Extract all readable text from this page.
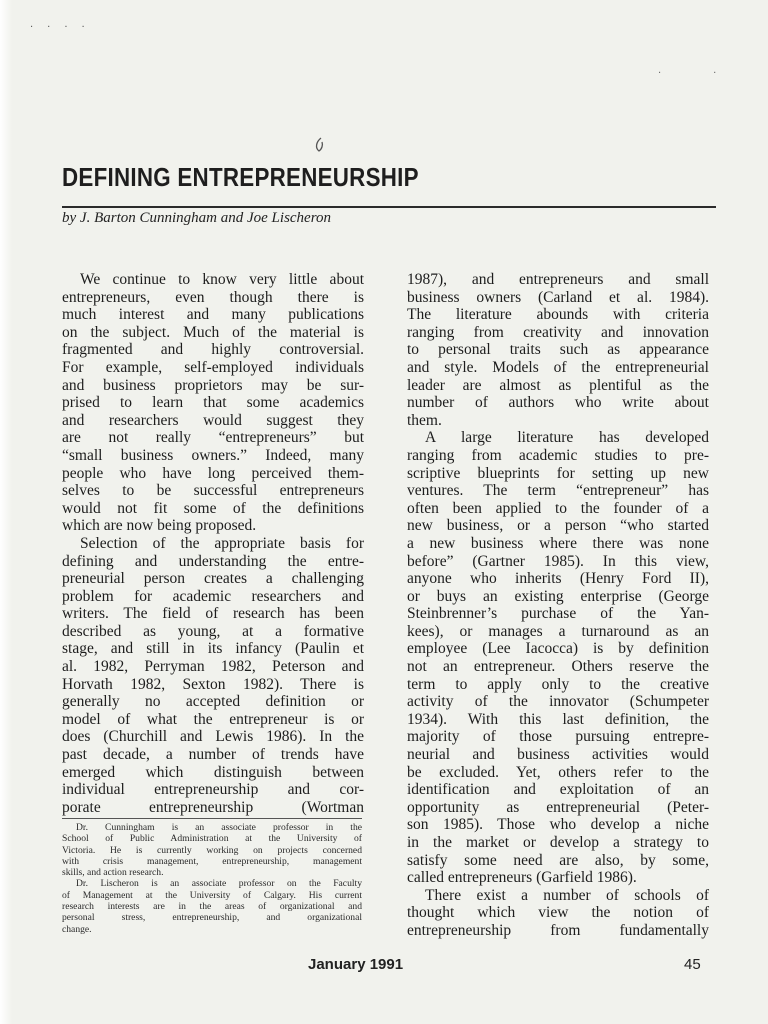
····
··
DEFINING ENTREPRENEURSHIP
by J. Barton Cunningham and Joe Lischeron
We continue to know very little about
entrepreneurs, even though there is
much interest and many publications
on the subject. Much of the material is
fragmented and highly controversial.
For example, self-employed individuals
and business proprietors may be sur-
prised to learn that some academics
and researchers would suggest they
are not really “entrepreneurs” but
“small business owners.” Indeed, many
people who have long perceived them-
selves to be successful entrepreneurs
would not fit some of the definitions
which are now being proposed.
Selection of the appropriate basis for
defining and understanding the entre-
preneurial person creates a challenging
problem for academic researchers and
writers. The field of research has been
described as young, at a formative
stage, and still in its infancy (Paulin et
al. 1982, Perryman 1982, Peterson and
Horvath 1982, Sexton 1982). There is
generally no accepted definition or
model of what the entrepreneur is or
does (Churchill and Lewis 1986). In the
past decade, a number of trends have
emerged which distinguish between
individual entrepreneurship and cor-
porate entrepreneurship (Wortman
Dr. Cunningham is an associate professor in the
School of Public Administration at the University of
Victoria. He is currently working on projects concerned
with crisis management, entrepreneurship, management
skills, and action research.
Dr. Lischeron is an associate professor on the Faculty
of Management at the University of Calgary. His current
research interests are in the areas of organizational and
personal stress, entrepreneurship, and organizational
change.
1987), and entrepreneurs and small
business owners (Carland et al. 1984).
The literature abounds with criteria
ranging from creativity and innovation
to personal traits such as appearance
and style. Models of the entrepreneurial
leader are almost as plentiful as the
number of authors who write about
them.
A large literature has developed
ranging from academic studies to pre-
scriptive blueprints for setting up new
ventures. The term “entrepreneur” has
often been applied to the founder of a
new business, or a person “who started
a new business where there was none
before” (Gartner 1985). In this view,
anyone who inherits (Henry Ford II),
or buys an existing enterprise (George
Steinbrenner’s purchase of the Yan-
kees), or manages a turnaround as an
employee (Lee Iacocca) is by definition
not an entrepreneur. Others reserve the
term to apply only to the creative
activity of the innovator (Schumpeter
1934). With this last definition, the
majority of those pursuing entrepre-
neurial and business activities would
be excluded. Yet, others refer to the
identification and exploitation of an
opportunity as entrepreneurial (Peter-
son 1985). Those who develop a niche
in the market or develop a strategy to
satisfy some need are also, by some,
called entrepreneurs (Garfield 1986).
There exist a number of schools of
thought which view the notion of
entrepreneurship from fundamentally
January 1991	45
